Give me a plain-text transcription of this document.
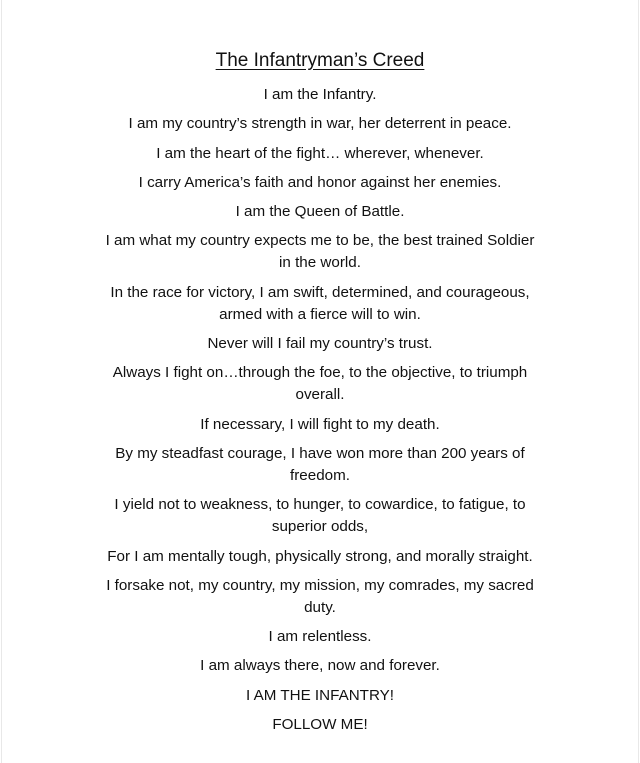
The Infantryman’s Creed

I am the Infantry.

I am my country’s strength in war, her deterrent in peace.

I am the heart of the fight… wherever, whenever.

I carry America’s faith and honor against her enemies.

I am the Queen of Battle.

I am what my country expects me to be, the best trained Soldier
in the world.

In the race for victory, I am swift, determined, and courageous,
armed with a fierce will to win.

Never will I fail my country’s trust.

Always I fight on…through the foe, to the objective, to triumph
overall.

If necessary, I will fight to my death.

By my steadfast courage, I have won more than 200 years of
freedom.

I yield not to weakness, to hunger, to cowardice, to fatigue, to
superior odds,

For I am mentally tough, physically strong, and morally straight.

I forsake not, my country, my mission, my comrades, my sacred
duty.

I am relentless.

I am always there, now and forever.

I AM THE INFANTRY!

FOLLOW ME!
